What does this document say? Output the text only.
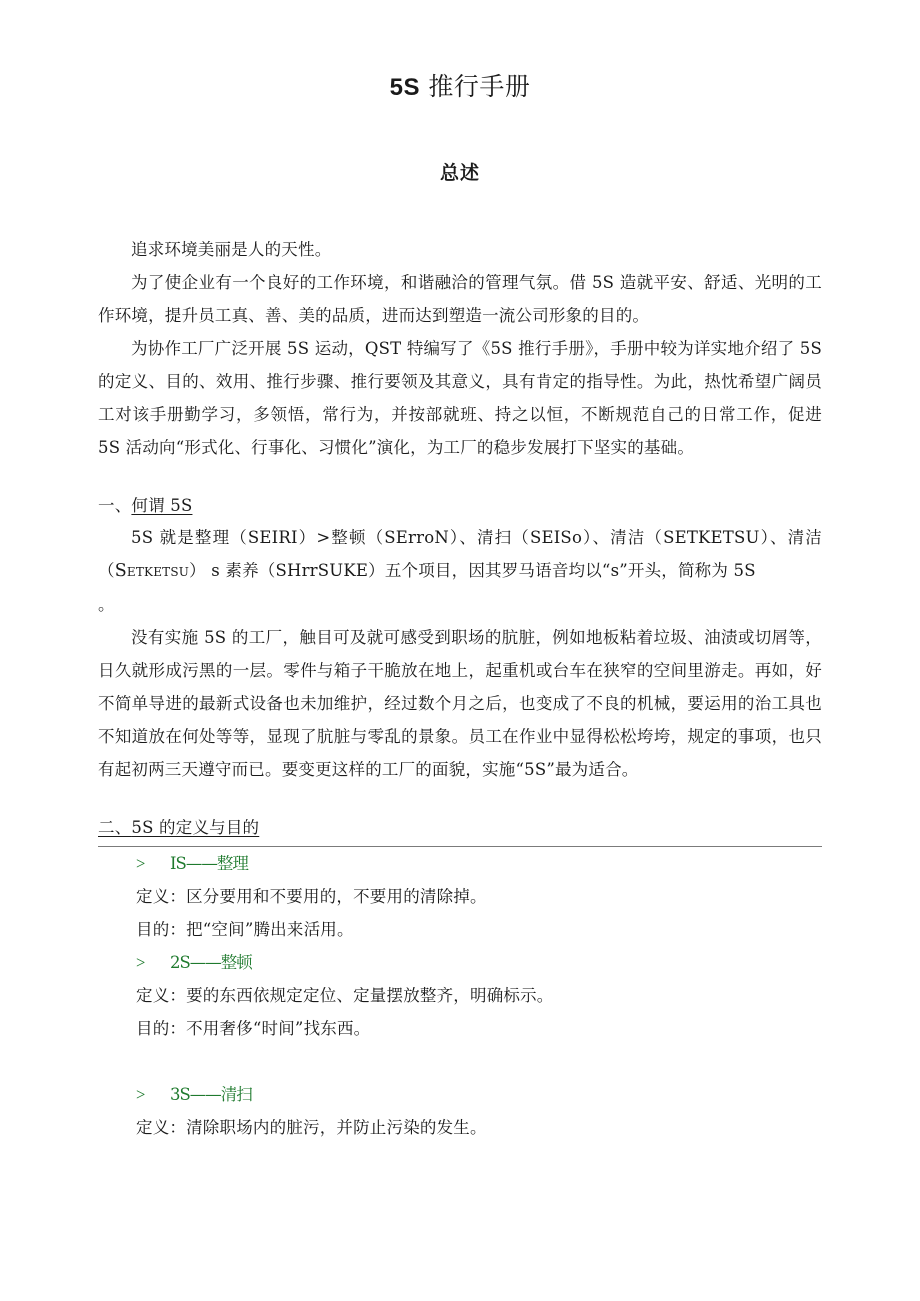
5S 推行手册
总述

追求环境美丽是人的天性。

为了使企业有一个良好的工作环境，和谐融洽的管理气氛。借 5S 造就平安、舒适、光明的工作环境，提升员工真、善、美的品质，进而达到塑造一流公司形象的目的。

为协作工厂广泛开展 5S 运动，QST 特编写了《5S 推行手册》，手册中较为详实地介绍了 5S 的定义、目的、效用、推行步骤、推行要领及其意义，具有肯定的指导性。为此，热忱希望广阔员工对该手册勤学习，多领悟，常行为，并按部就班、持之以恒，不断规范自己的日常工作，促进 5S 活动向“形式化、行事化、习惯化”演化，为工厂的稳步发展打下坚实的基础。

一、何谓 5S

5S 就是整理（SEIRI）>整顿（SErroN）、清扫（SEISo）、清洁（SETKETSU）、清洁 （Setketsu） s 素养（SHrrSUKE）五个项目，因其罗马语音均以“s”开头，简称为 5S

。

没有实施 5S 的工厂，触目可及就可感受到职场的肮脏，例如地板粘着垃圾、油渍或切屑等，日久就形成污黑的一层。零件与箱子干脆放在地上，起重机或台车在狭窄的空间里游走。再如，好不简单导进的最新式设备也未加维护，经过数个月之后，也变成了不良的机械，要运用的治工具也不知道放在何处等等，显现了肮脏与零乱的景象。员工在作业中显得松松垮垮，规定的事项，也只有起初两三天遵守而已。要变更这样的工厂的面貌，实施“5S”最为适合。

二、5S 的定义与目的

> IS——整理

定义：区分要用和不要用的，不要用的清除掉。

目的：把“空间”腾出来活用。

> 2S——整顿

定义：要的东西依规定定位、定量摆放整齐，明确标示。

目的：不用奢侈“时间”找东西。

> 3S——清扫

定义：清除职场内的脏污，并防止污染的发生。
